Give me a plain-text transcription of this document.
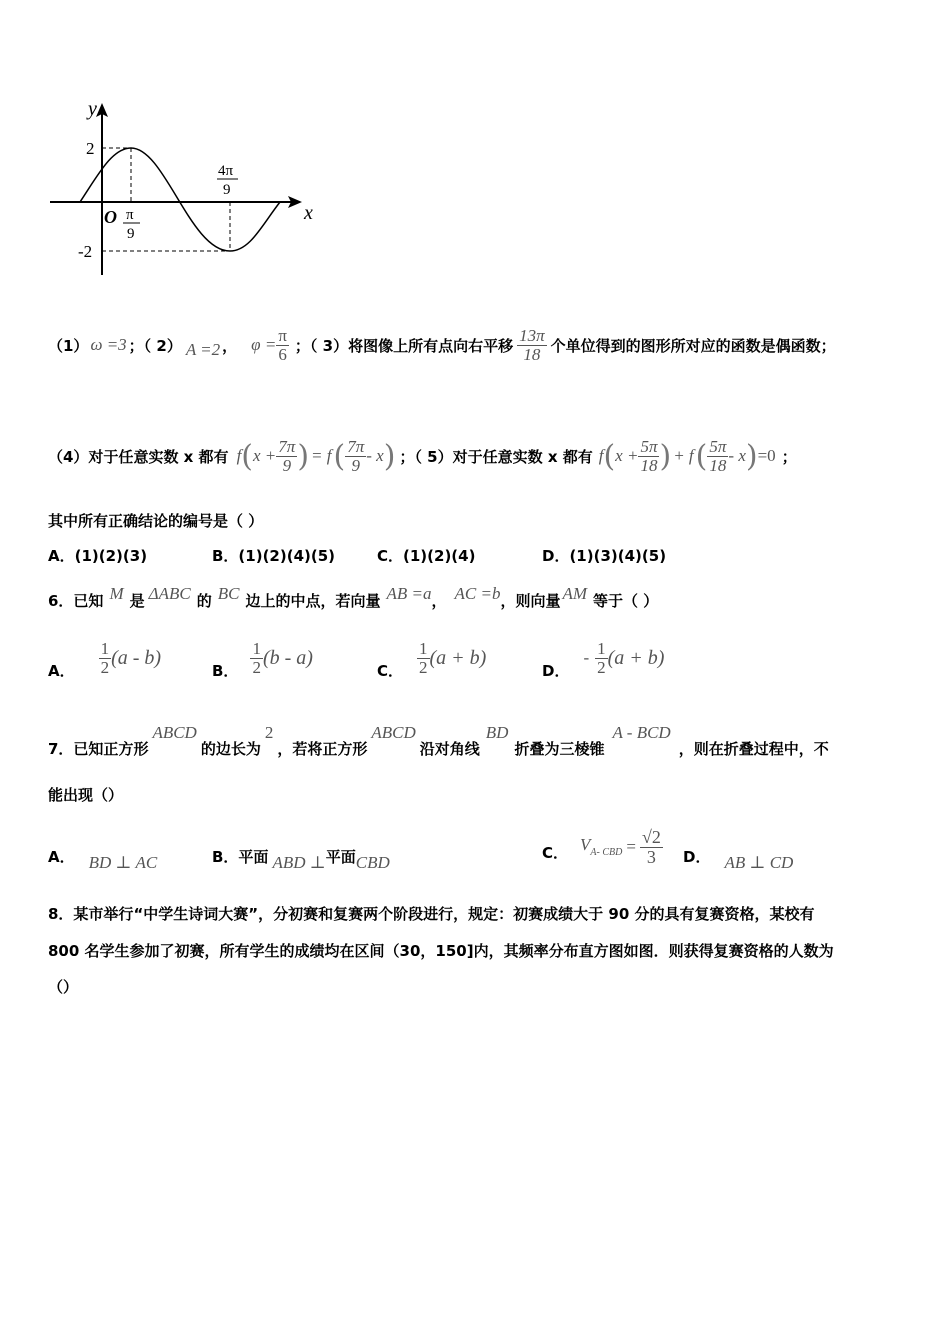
y
x
O
2
-2
π
9
4π
9
（1） ω =3 ；（ 2） A =2 ， $\varphi = \frac{\pi}{6}$ ；（ 3）将图像上所有点向右平移 $\frac{13\pi}{18}$ 个单位得到的图形所对应的函数是偶函数；
（4）对于任意实数 x 都有 f ( $x + \frac{7\pi}{9}$ ) = f ( $\frac{7\pi}{9}$ - x ) ；（ 5）对于任意实数 x 都有 f ( $x + \frac{5\pi}{18}$ ) + f ( $\frac{5\pi}{18}$ - x ) =0 ；
其中所有正确结论的编号是（ ）
A．(1)(2)(3)	B．(1)(2)(4)(5)	C．(1)(2)(4)	D．(1)(3)(4)(5)
6．已知 M 是 ΔABC 的 BC 边上的中点，若向量 AB =a ， AC =b ，则向量 AM 等于（ ）
A． $\frac{1}{2} (a - b)$
B． $\frac{1}{2} (b - a)$
C． $\frac{1}{2} (a + b)$
D．
- $\frac{1}{2} (a + b)$
7．已知正方形
ABCD
的边长为
2
，若将正方形
ABCD
沿对角线
BD
折叠为三棱锥
A - BCD
，则在折叠过程中，不
能出现（）
A． BD ⊥ AC	B．平面 ABD ⊥ 平面 CBD
C． V A- CBD = $\frac{√2}{3}$ D． AB ⊥ CD
8．某市举行“中学生诗词大赛”，分初赛和复赛两个阶段进行，规定：初赛成绩大于 90 分的具有复赛资格，某校有
800 名学生参加了初赛，所有学生的成绩均在区间（30，150]内，其频率分布直方图如图．则获得复赛资格的人数为
（）
